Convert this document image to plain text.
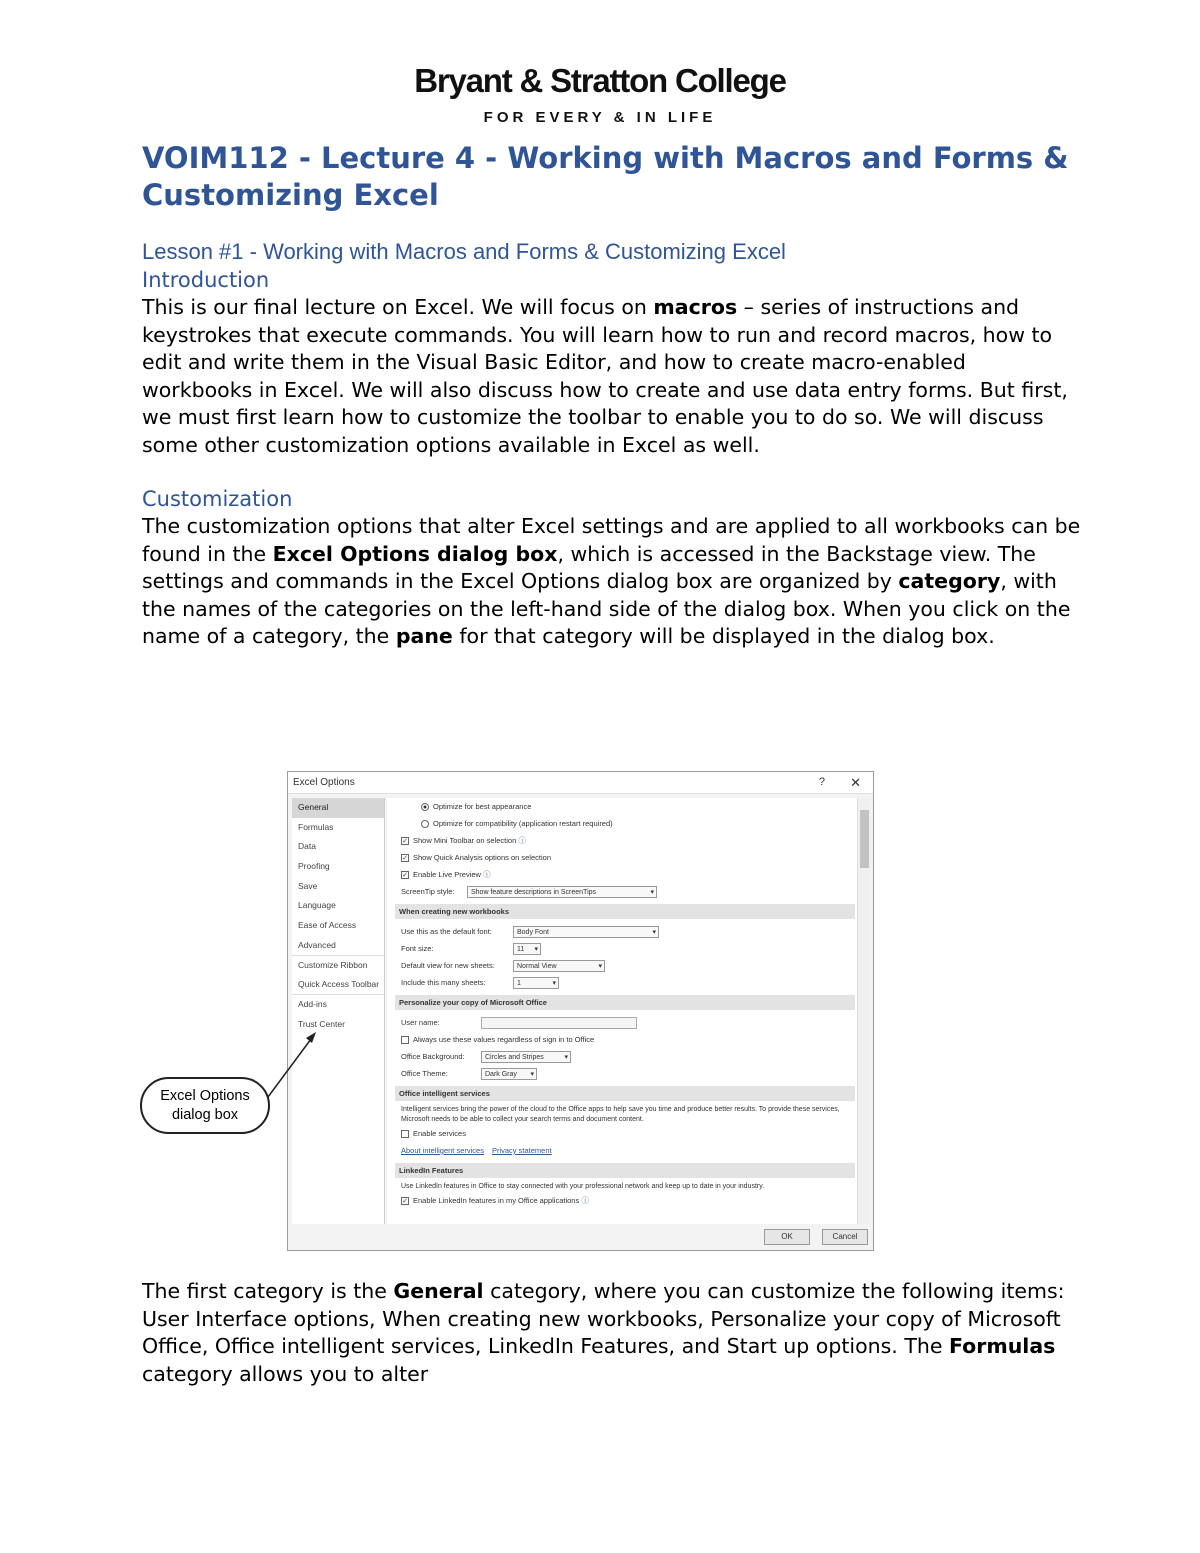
Bryant & Stratton College
FOR EVERY & IN LIFE
VOIM112 - Lecture 4 - Working with Macros and Forms & Customizing Excel
Lesson #1 - Working with Macros and Forms & Customizing Excel
Introduction

This is our final lecture on Excel. We will focus on macros – series of instructions and keystrokes that execute commands. You will learn how to run and record macros, how to edit and write them in the Visual Basic Editor, and how to create macro-enabled workbooks in Excel. We will also discuss how to create and use data entry forms. But first, we must first learn how to customize the toolbar to enable you to do so. We will discuss some other customization options available in Excel as well.

Customization

The customization options that alter Excel settings and are applied to all workbooks can be found in the Excel Options dialog box, which is accessed in the Backstage view. The settings and commands in the Excel Options dialog box are organized by category, with the names of the categories on the left-hand side of the dialog box. When you click on the name of a category, the pane for that category will be displayed in the dialog box.

Excel Options	? ✕
General
Formulas
Data
Proofing
Save
Language
Ease of Access
Advanced
Customize Ribbon
Quick Access Toolbar
Add-ins
Trust Center
Optimize for best appearance
Optimize for compatibility (application restart required)
✓Show Mini Toolbar on selection ⓘ
✓Show Quick Analysis options on selection
✓Enable Live Preview ⓘ
ScreenTip style: Show feature descriptions in ScreenTips ▾
When creating new workbooks
Use this as the default font:	Body Font ▾
Font size:	11 ▾
Default view for new sheets:	Normal View ▾
Include this many sheets:	1 ▾
Personalize your copy of Microsoft Office
User name:
Always use these values regardless of sign in to Office
Office Background:	Circles and Stripes ▾
Office Theme:	Dark Gray ▾
Office intelligent services
Intelligent services bring the power of the cloud to the Office apps to help save you time and produce better results. To provide these services, Microsoft needs to be able to collect your search terms and document content.
Enable services
About intelligent services Privacy statement
LinkedIn Features
Use LinkedIn features in Office to stay connected with your professional network and keep up to date in your industry.
✓Enable LinkedIn features in my Office applications ⓘ
OK	Cancel
Excel Options
dialog box

The first category is the General category, where you can customize the following items: User Interface options, When creating new workbooks, Personalize your copy of Microsoft Office, Office intelligent services, LinkedIn Features, and Start up options. The Formulas category allows you to alter
